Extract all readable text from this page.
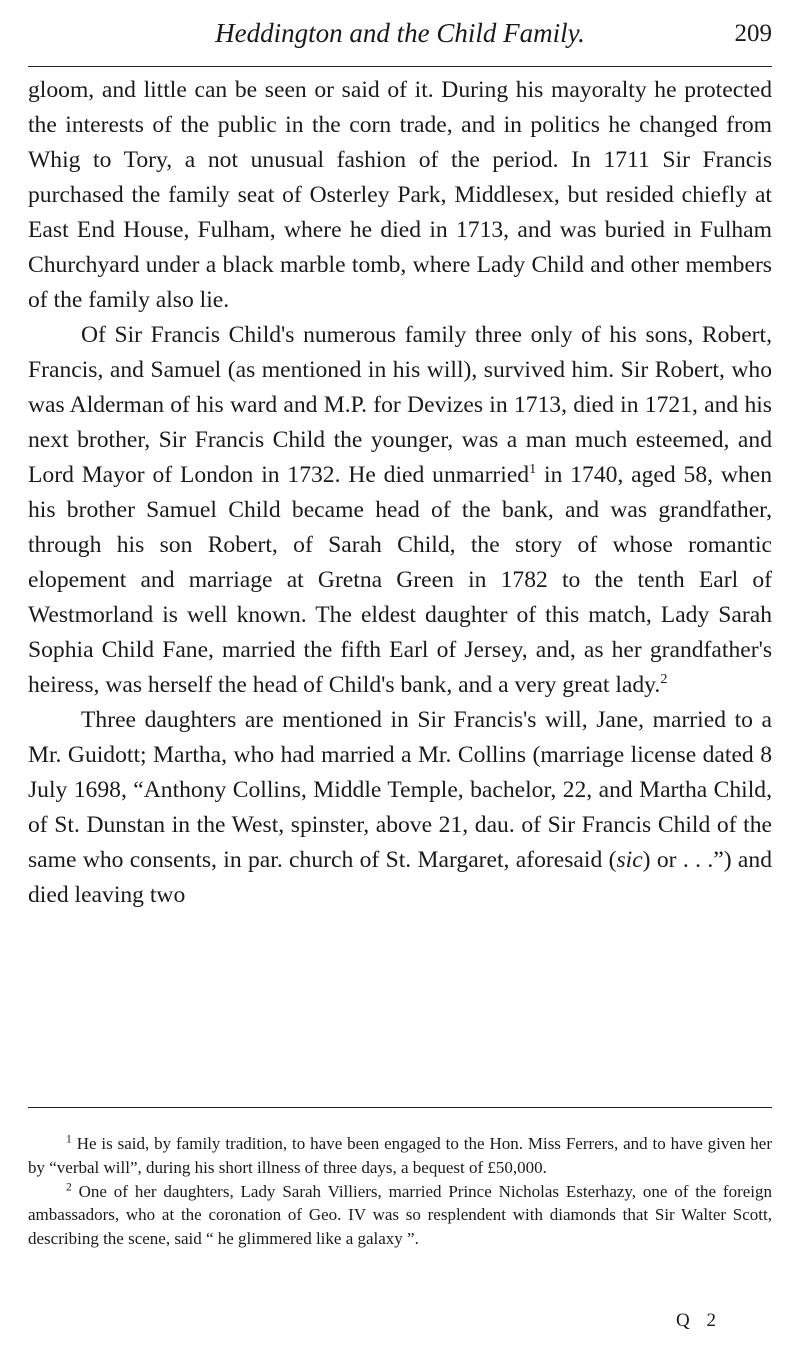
Heddington and the Child Family.	209

gloom, and little can be seen or said of it. During his mayoralty he protected the interests of the public in the corn trade, and in politics he changed from Whig to Tory, a not unusual fashion of the period. In 1711 Sir Francis purchased the family seat of Osterley Park, Middlesex, but resided chiefly at East End House, Fulham, where he died in 1713, and was buried in Fulham Churchyard under a black marble tomb, where Lady Child and other members of the family also lie.

Of Sir Francis Child's numerous family three only of his sons, Robert, Francis, and Samuel (as mentioned in his will), survived him. Sir Robert, who was Alderman of his ward and M.P. for Devizes in 1713, died in 1721, and his next brother, Sir Francis Child the younger, was a man much esteemed, and Lord Mayor of London in 1732. He died unmarried$^1$ in 1740, aged 58, when his brother Samuel Child became head of the bank, and was grandfather, through his son Robert, of Sarah Child, the story of whose romantic elopement and marriage at Gretna Green in 1782 to the tenth Earl of Westmorland is well known. The eldest daughter of this match, Lady Sarah Sophia Child Fane, married the fifth Earl of Jersey, and, as her grandfather's heiress, was herself the head of Child's bank, and a very great lady.$^2$

Three daughters are mentioned in Sir Francis's will, Jane, married to a Mr. Guidott; Martha, who had married a Mr. Collins (marriage license dated 8 July 1698, “Anthony Collins, Middle Temple, bachelor, 22, and Martha Child, of St. Dunstan in the West, spinster, above 21, dau. of Sir Francis Child of the same who consents, in par. church of St. Margaret, aforesaid (sic) or . . .”) and died leaving two

$^1$ He is said, by family tradition, to have been engaged to the Hon. Miss Ferrers, and to have given her by “verbal will”, during his short illness of three days, a bequest of £50,000.

$^2$ One of her daughters, Lady Sarah Villiers, married Prince Nicholas Esterhazy, one of the foreign ambassadors, who at the coronation of Geo. IV was so resplendent with diamonds that Sir Walter Scott, describing the scene, said “ he glimmered like a galaxy ”.

Q 2
